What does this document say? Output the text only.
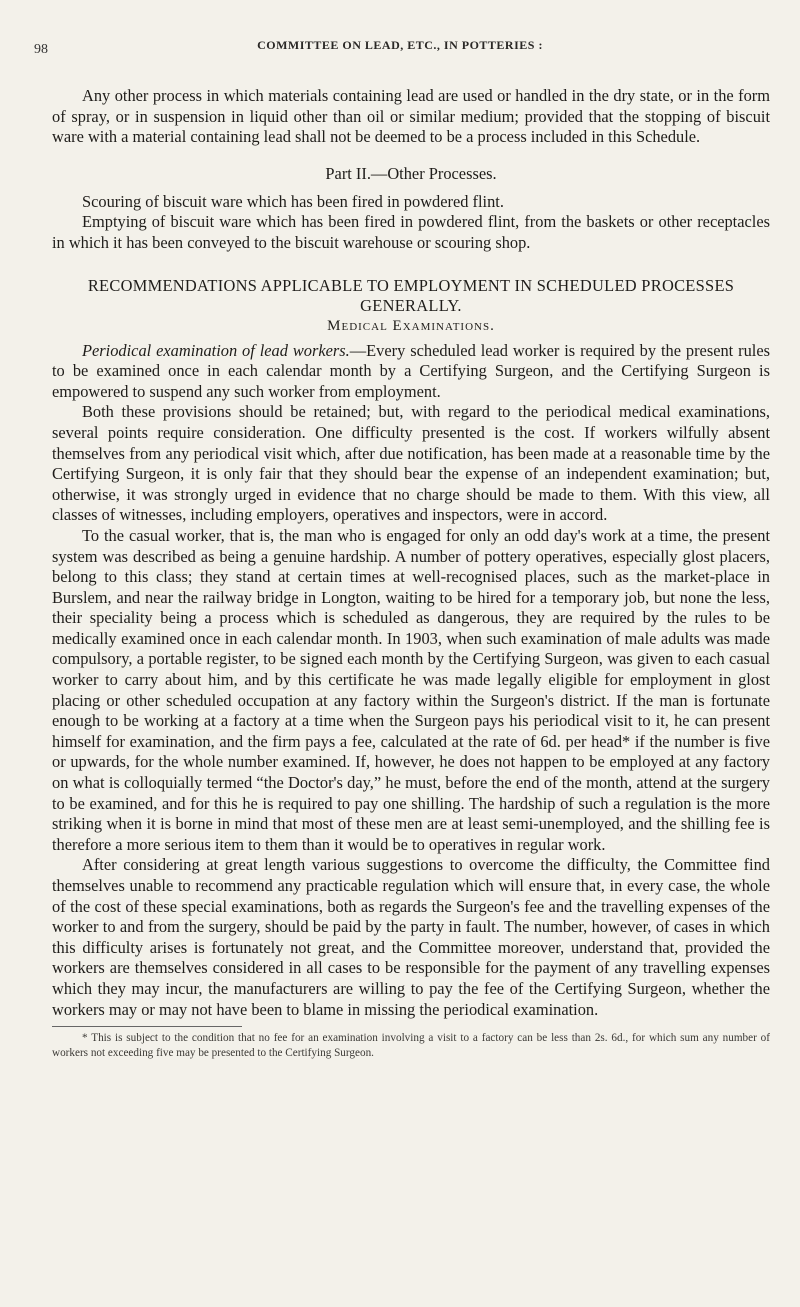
98	COMMITTEE ON LEAD, ETC., IN POTTERIES :

Any other process in which materials containing lead are used or handled in the dry state, or in the form of spray, or in suspension in liquid other than oil or similar medium; provided that the stopping of biscuit ware with a material containing lead shall not be deemed to be a process included in this Schedule.

Part II.—Other Processes.

Scouring of biscuit ware which has been fired in powdered flint.

Emptying of biscuit ware which has been fired in powdered flint, from the baskets or other receptacles in which it has been conveyed to the biscuit warehouse or scouring shop.

RECOMMENDATIONS APPLICABLE TO EMPLOYMENT IN SCHEDULED PROCESSES GENERALLY.
Medical Examinations.

Periodical examination of lead workers.—Every scheduled lead worker is required by the present rules to be examined once in each calendar month by a Certifying Surgeon, and the Certifying Surgeon is empowered to suspend any such worker from employment.

Both these provisions should be retained; but, with regard to the periodical medical examinations, several points require consideration. One difficulty presented is the cost. If workers wilfully absent themselves from any periodical visit which, after due notification, has been made at a reasonable time by the Certifying Surgeon, it is only fair that they should bear the expense of an independent examination; but, otherwise, it was strongly urged in evidence that no charge should be made to them. With this view, all classes of witnesses, including employers, operatives and inspectors, were in accord.

To the casual worker, that is, the man who is engaged for only an odd day's work at a time, the present system was described as being a genuine hardship. A number of pottery operatives, especially glost placers, belong to this class; they stand at certain times at well-recognised places, such as the market-place in Burslem, and near the railway bridge in Longton, waiting to be hired for a temporary job, but none the less, their speciality being a process which is scheduled as dangerous, they are required by the rules to be medically examined once in each calendar month. In 1903, when such examination of male adults was made compulsory, a portable register, to be signed each month by the Certifying Surgeon, was given to each casual worker to carry about him, and by this certificate he was made legally eligible for employment in glost placing or other scheduled occupation at any factory within the Surgeon's district. If the man is fortunate enough to be working at a factory at a time when the Surgeon pays his periodical visit to it, he can present himself for examination, and the firm pays a fee, calculated at the rate of 6d. per head* if the number is five or upwards, for the whole number examined. If, however, he does not happen to be employed at any factory on what is colloquially termed “the Doctor's day,” he must, before the end of the month, attend at the surgery to be examined, and for this he is required to pay one shilling. The hardship of such a regulation is the more striking when it is borne in mind that most of these men are at least semi-unemployed, and the shilling fee is therefore a more serious item to them than it would be to operatives in regular work.

After considering at great length various suggestions to overcome the difficulty, the Committee find themselves unable to recommend any practicable regulation which will ensure that, in every case, the whole of the cost of these special examinations, both as regards the Surgeon's fee and the travelling expenses of the worker to and from the surgery, should be paid by the party in fault. The number, however, of cases in which this difficulty arises is fortunately not great, and the Committee moreover, understand that, provided the workers are themselves considered in all cases to be responsible for the payment of any travelling expenses which they may incur, the manufacturers are willing to pay the fee of the Certifying Surgeon, whether the workers may or may not have been to blame in missing the periodical examination.

* This is subject to the condition that no fee for an examination involving a visit to a factory can be less than 2s. 6d., for which sum any number of workers not exceeding five may be presented to the Certifying Surgeon.
